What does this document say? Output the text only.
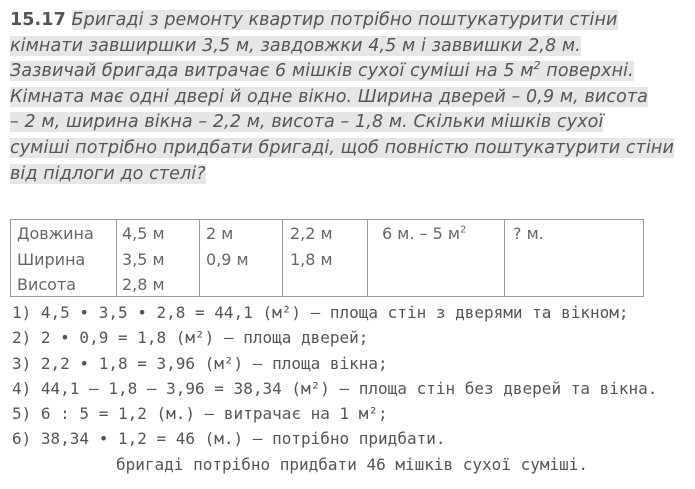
15.17 Бригаді з ремонту квартир потрібно поштукатурити стіни
кімнати завширшки 3,5 м, завдовжки 4,5 м і заввишки 2,8 м.
Зазвичай бригада витрачає 6 мішків сухої суміші на 5 $м^2$ поверхні.
Кімната має одні двері й одне вікно. Ширина дверей – 0,9 м, висота
– 2 м, ширина вікна – 2,2 м, висота – 1,8 м. Скільки мішків сухої
суміші потрібно придбати бригаді, щоб повністю поштукатурити стіни
від підлоги до стелі?
Довжина
Ширина
Висота
4,5 м
3,5 м
2,8 м
2 м
0,9 м
2,2 м
1,8 м
6 м. – 5 $м^2$	? м.
1) 4,5 • 3,5 • 2,8 = 44,1 (м²) – площа стін з дверями та вікном;
2) 2 • 0,9 = 1,8 (м²) – площа дверей;
3) 2,2 • 1,8 = 3,96 (м²) – площа вікна;
4) 44,1 – 1,8 – 3,96 = 38,34 (м²) – площа стін без дверей та вікна.
5) 6 : 5 = 1,2 (м.) – витрачає на 1 м²;
6) 38,34 • 1,2 = 46 (м.) – потрібно придбати.
бригаді потрібно придбати 46 мішків сухої суміші.
